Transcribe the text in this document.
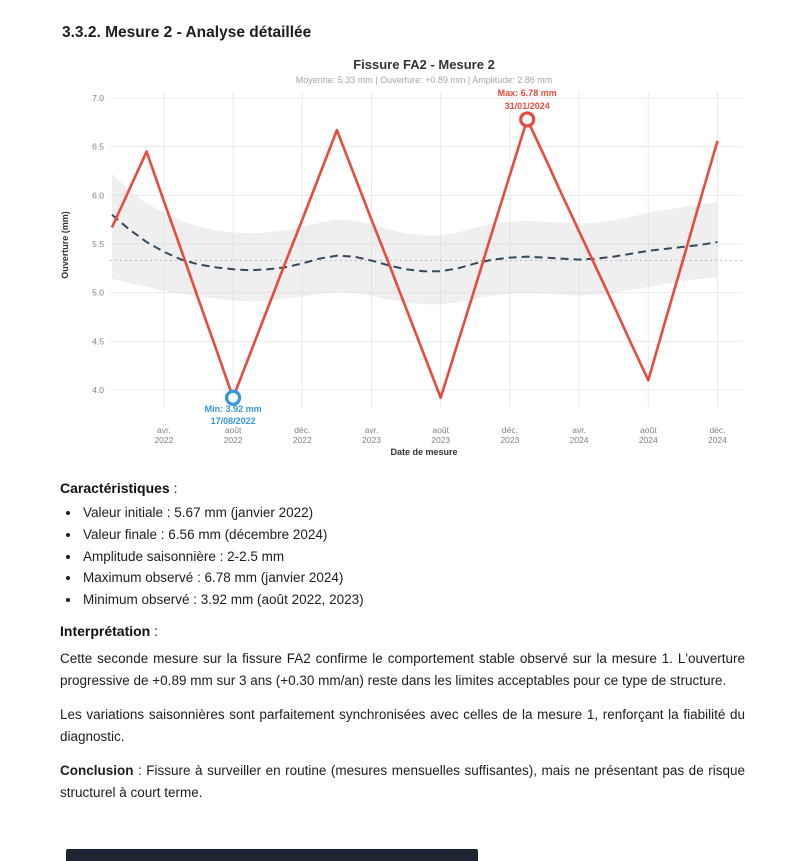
3.3.2. Mesure 2 - Analyse détaillée
4.0
4.5
5.0
5.5
6.0
6.5
7.0
avr.
2022
août
2022
déc.
2022
avr.
2023
août
2023
déc.
2023
avr.
2024
août
2024
déc.
2024
Max: 6.78 mm
31/01/2024
Min: 3.92 mm
17/08/2022
Fissure FA2 - Mesure 2
Moyenne: 5.33 mm | Ouverture: +0.89 mm | Amplitude: 2.86 mm
Date de mesure
Ouverture (mm)
Caractéristiques :
• Valeur initiale : 5.67 mm (janvier 2022)
• Valeur finale : 6.56 mm (décembre 2024)
• Amplitude saisonnière : 2-2.5 mm
• Maximum observé : 6.78 mm (janvier 2024)
• Minimum observé : 3.92 mm (août 2022, 2023)
Interprétation :

Cette seconde mesure sur la fissure FA2 confirme le comportement stable observé sur la mesure 1. L'ouverture progressive de +0.89 mm sur 3 ans (+0.30 mm/an) reste dans les limites acceptables pour ce type de structure.

Les variations saisonnières sont parfaitement synchronisées avec celles de la mesure 1, renforçant la fiabilité du diagnostic.

Conclusion : Fissure à surveiller en routine (mesures mensuelles suffisantes), mais ne présentant pas de risque structurel à court terme.
